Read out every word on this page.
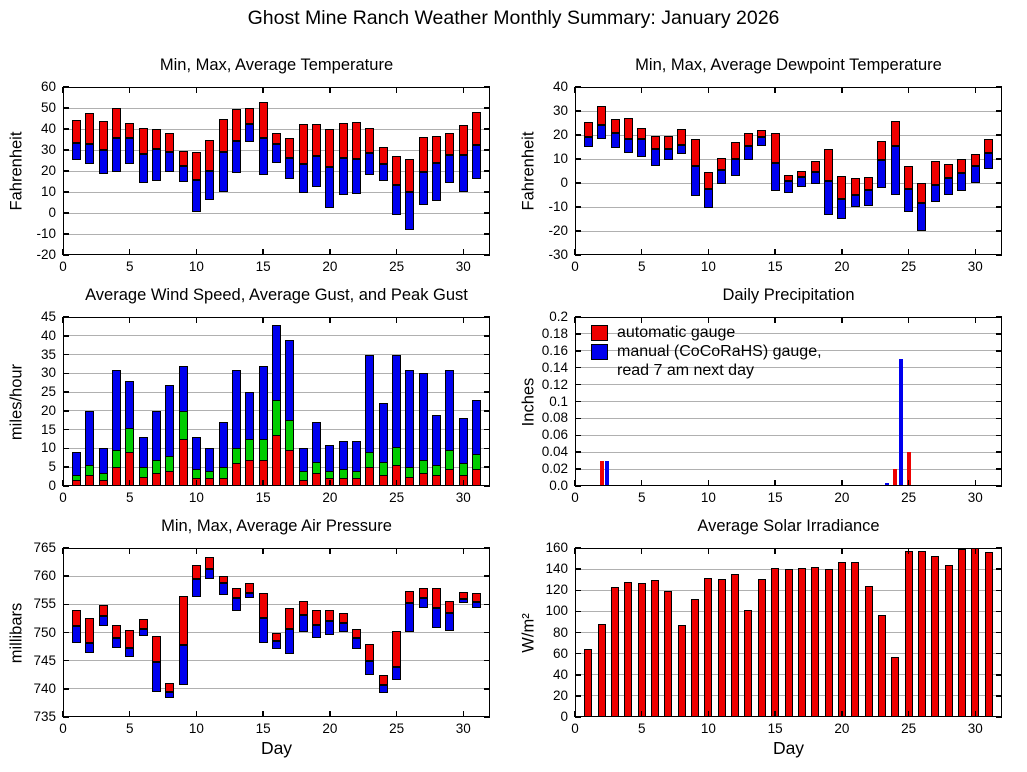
Ghost Mine Ranch Weather Monthly Summary: January 2026
Min, Max, Average Temperature
Fahrenheit
-20
-10
0
10
20
30
40
50
60
0	5	10	15	20	25	30
Min, Max, Average Dewpoint Temperature
Fahrenheit
-30
-20
-10
0
10
20
30
40
0	5	10	15	20	25	30
Average Wind Speed, Average Gust, and Peak Gust
miles/hour
0
5
10
15
20
25
30
35
40
45
0	5	10	15	20	25	30
Daily Precipitation
Inches
automatic gauge
manual (CoCoRaHS) gauge,
read 7 am next day
0.0
0.02
0.04
0.06
0.08
0.1
0.12
0.14
0.16
0.18
0.2
0	5	10	15	20	25	30
Min, Max, Average Air Pressure
millibars
Day
735
740
745
750
755
760
765
0	5	10	15	20	25	30
Average Solar Irradiance
W/m²
Day
0
20
40
60
80
100
120
140
160
0	5	10	15	20	25	30
